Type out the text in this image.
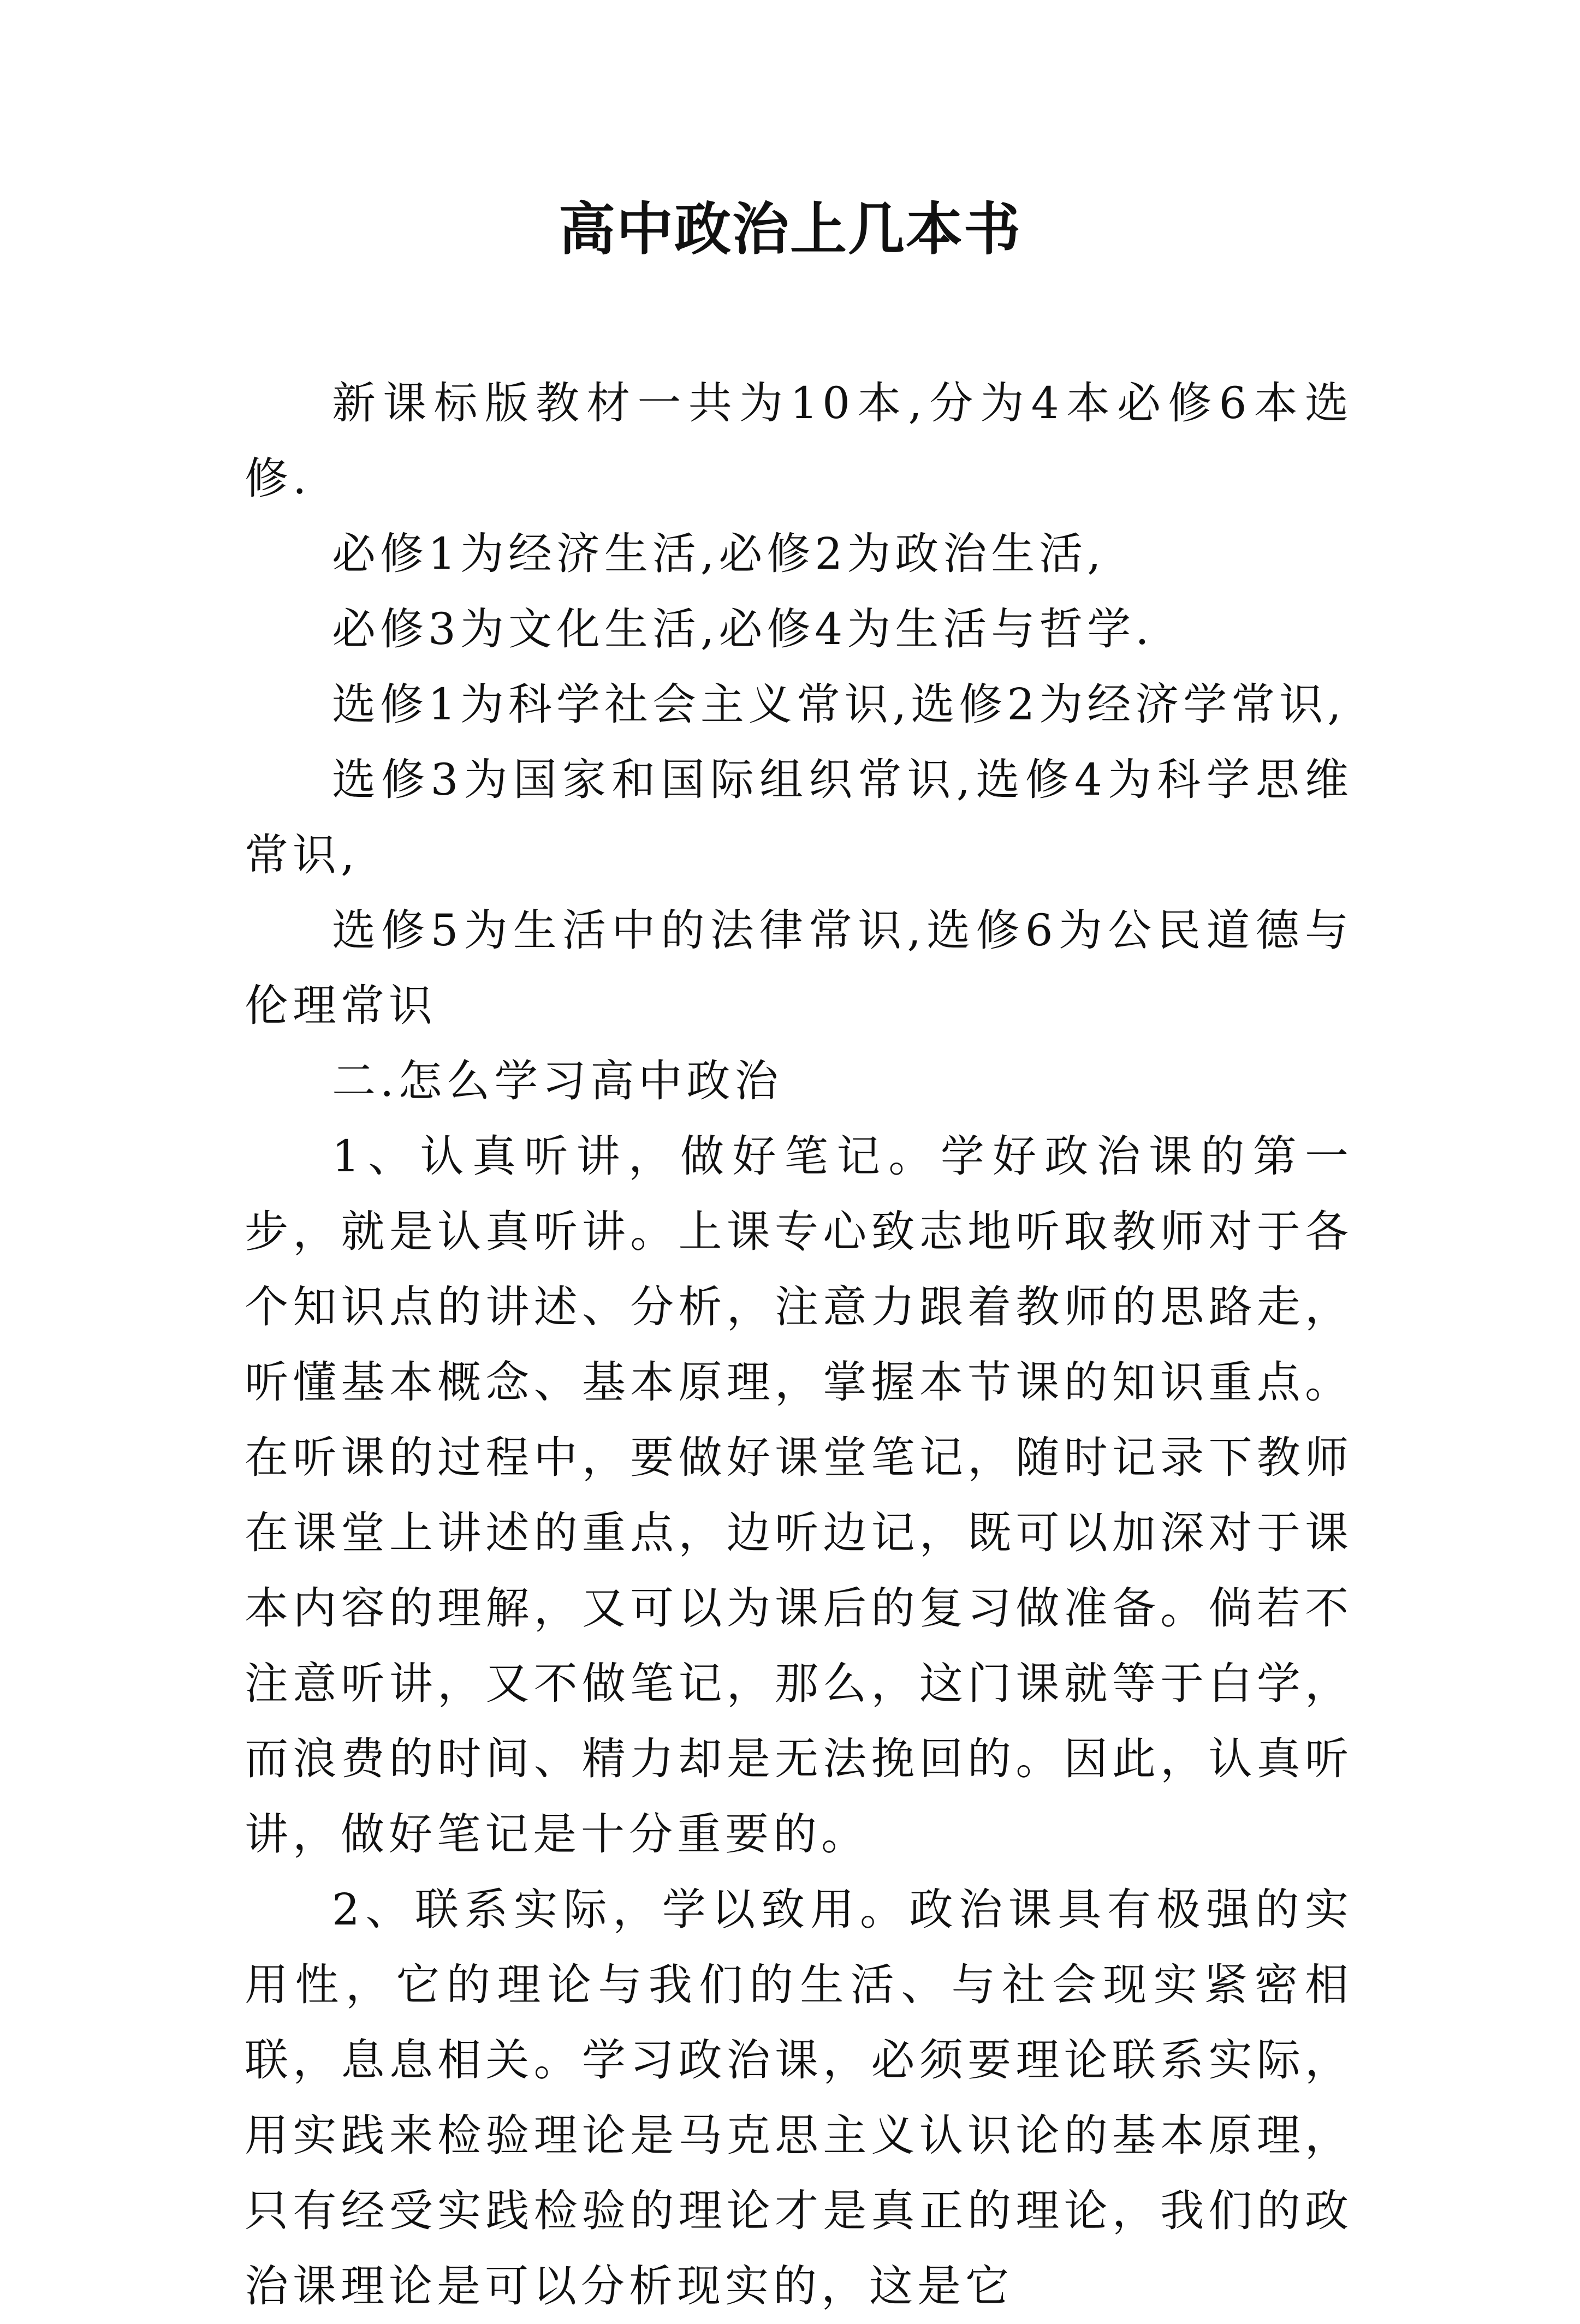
高中政治上几本书

新课标版教材一共为10本,分为4本必修6本选修.

必修1为经济生活,必修2为政治生活,

必修3为文化生活,必修4为生活与哲学.

选修1为科学社会主义常识,选修2为经济学常识,

选修3为国家和国际组织常识,选修4为科学思维常识,

选修5为生活中的法律常识,选修6为公民道德与伦理常识

二.怎么学习高中政治

1、认真听讲，做好笔记。学好政治课的第一步，就是认真听讲。上课专心致志地听取教师对于各个知识点的讲述、分析，注意力跟着教师的思路走，听懂基本概念、基本原理，掌握本节课的知识重点。在听课的过程中，要做好课堂笔记，随时记录下教师在课堂上讲述的重点，边听边记，既可以加深对于课本内容的理解，又可以为课后的复习做准备。倘若不注意听讲，又不做笔记，那么，这门课就等于白学，而浪费的时间、精力却是无法挽回的。因此，认真听讲，做好笔记是十分重要的。

2、联系实际，学以致用。政治课具有极强的实用性，它的理论与我们的生活、与社会现实紧密相联，息息相关。学习政治课，必须要理论联系实际，用实践来检验理论是马克思主义认识论的基本原理，只有经受实践检验的理论才是真正的理论，我们的政治课理论是可以分析现实的，这是它
